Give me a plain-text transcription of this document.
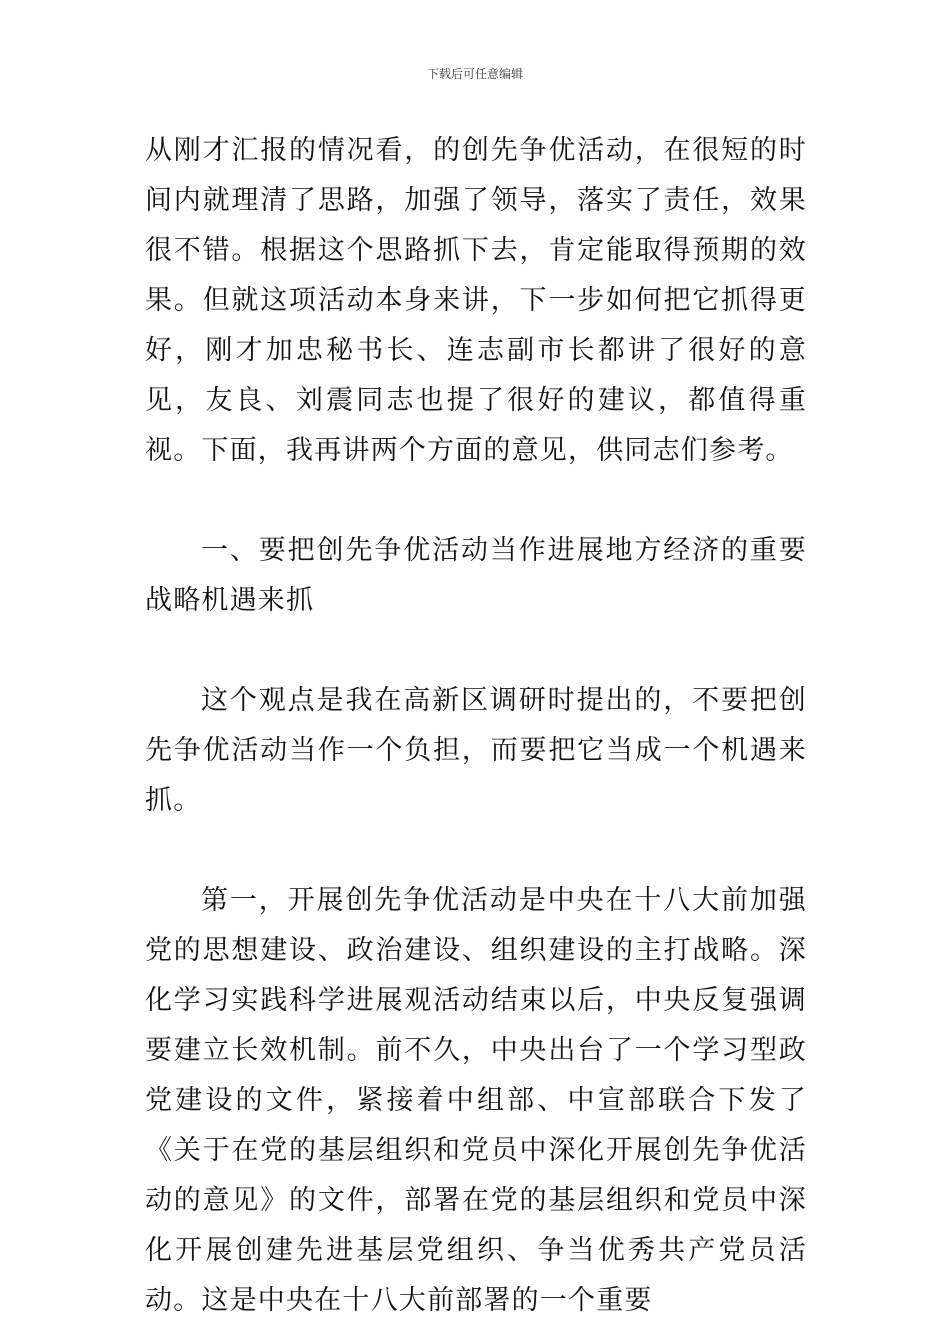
下载后可任意编辑

从刚才汇报的情况看，的创先争优活动，在很短的时间内就理清了思路，加强了领导，落实了责任，效果很不错。根据这个思路抓下去，肯定能取得预期的效果。但就这项活动本身来讲，下一步如何把它抓得更好，刚才加忠秘书长、连志副市长都讲了很好的意见，友良、刘震同志也提了很好的建议，都值得重视。下面，我再讲两个方面的意见，供同志们参考。

一、要把创先争优活动当作进展地方经济的重要战略机遇来抓

这个观点是我在高新区调研时提出的，不要把创先争优活动当作一个负担，而要把它当成一个机遇来抓。

第一，开展创先争优活动是中央在十八大前加强党的思想建设、政治建设、组织建设的主打战略。深化学习实践科学进展观活动结束以后，中央反复强调要建立长效机制。前不久，中央出台了一个学习型政党建设的文件，紧接着中组部、中宣部联合下发了《关于在党的基层组织和党员中深化开展创先争优活动的意见》的文件，部署在党的基层组织和党员中深化开展创建先进基层党组织、争当优秀共产党员活动。这是中央在十八大前部署的一个重要
